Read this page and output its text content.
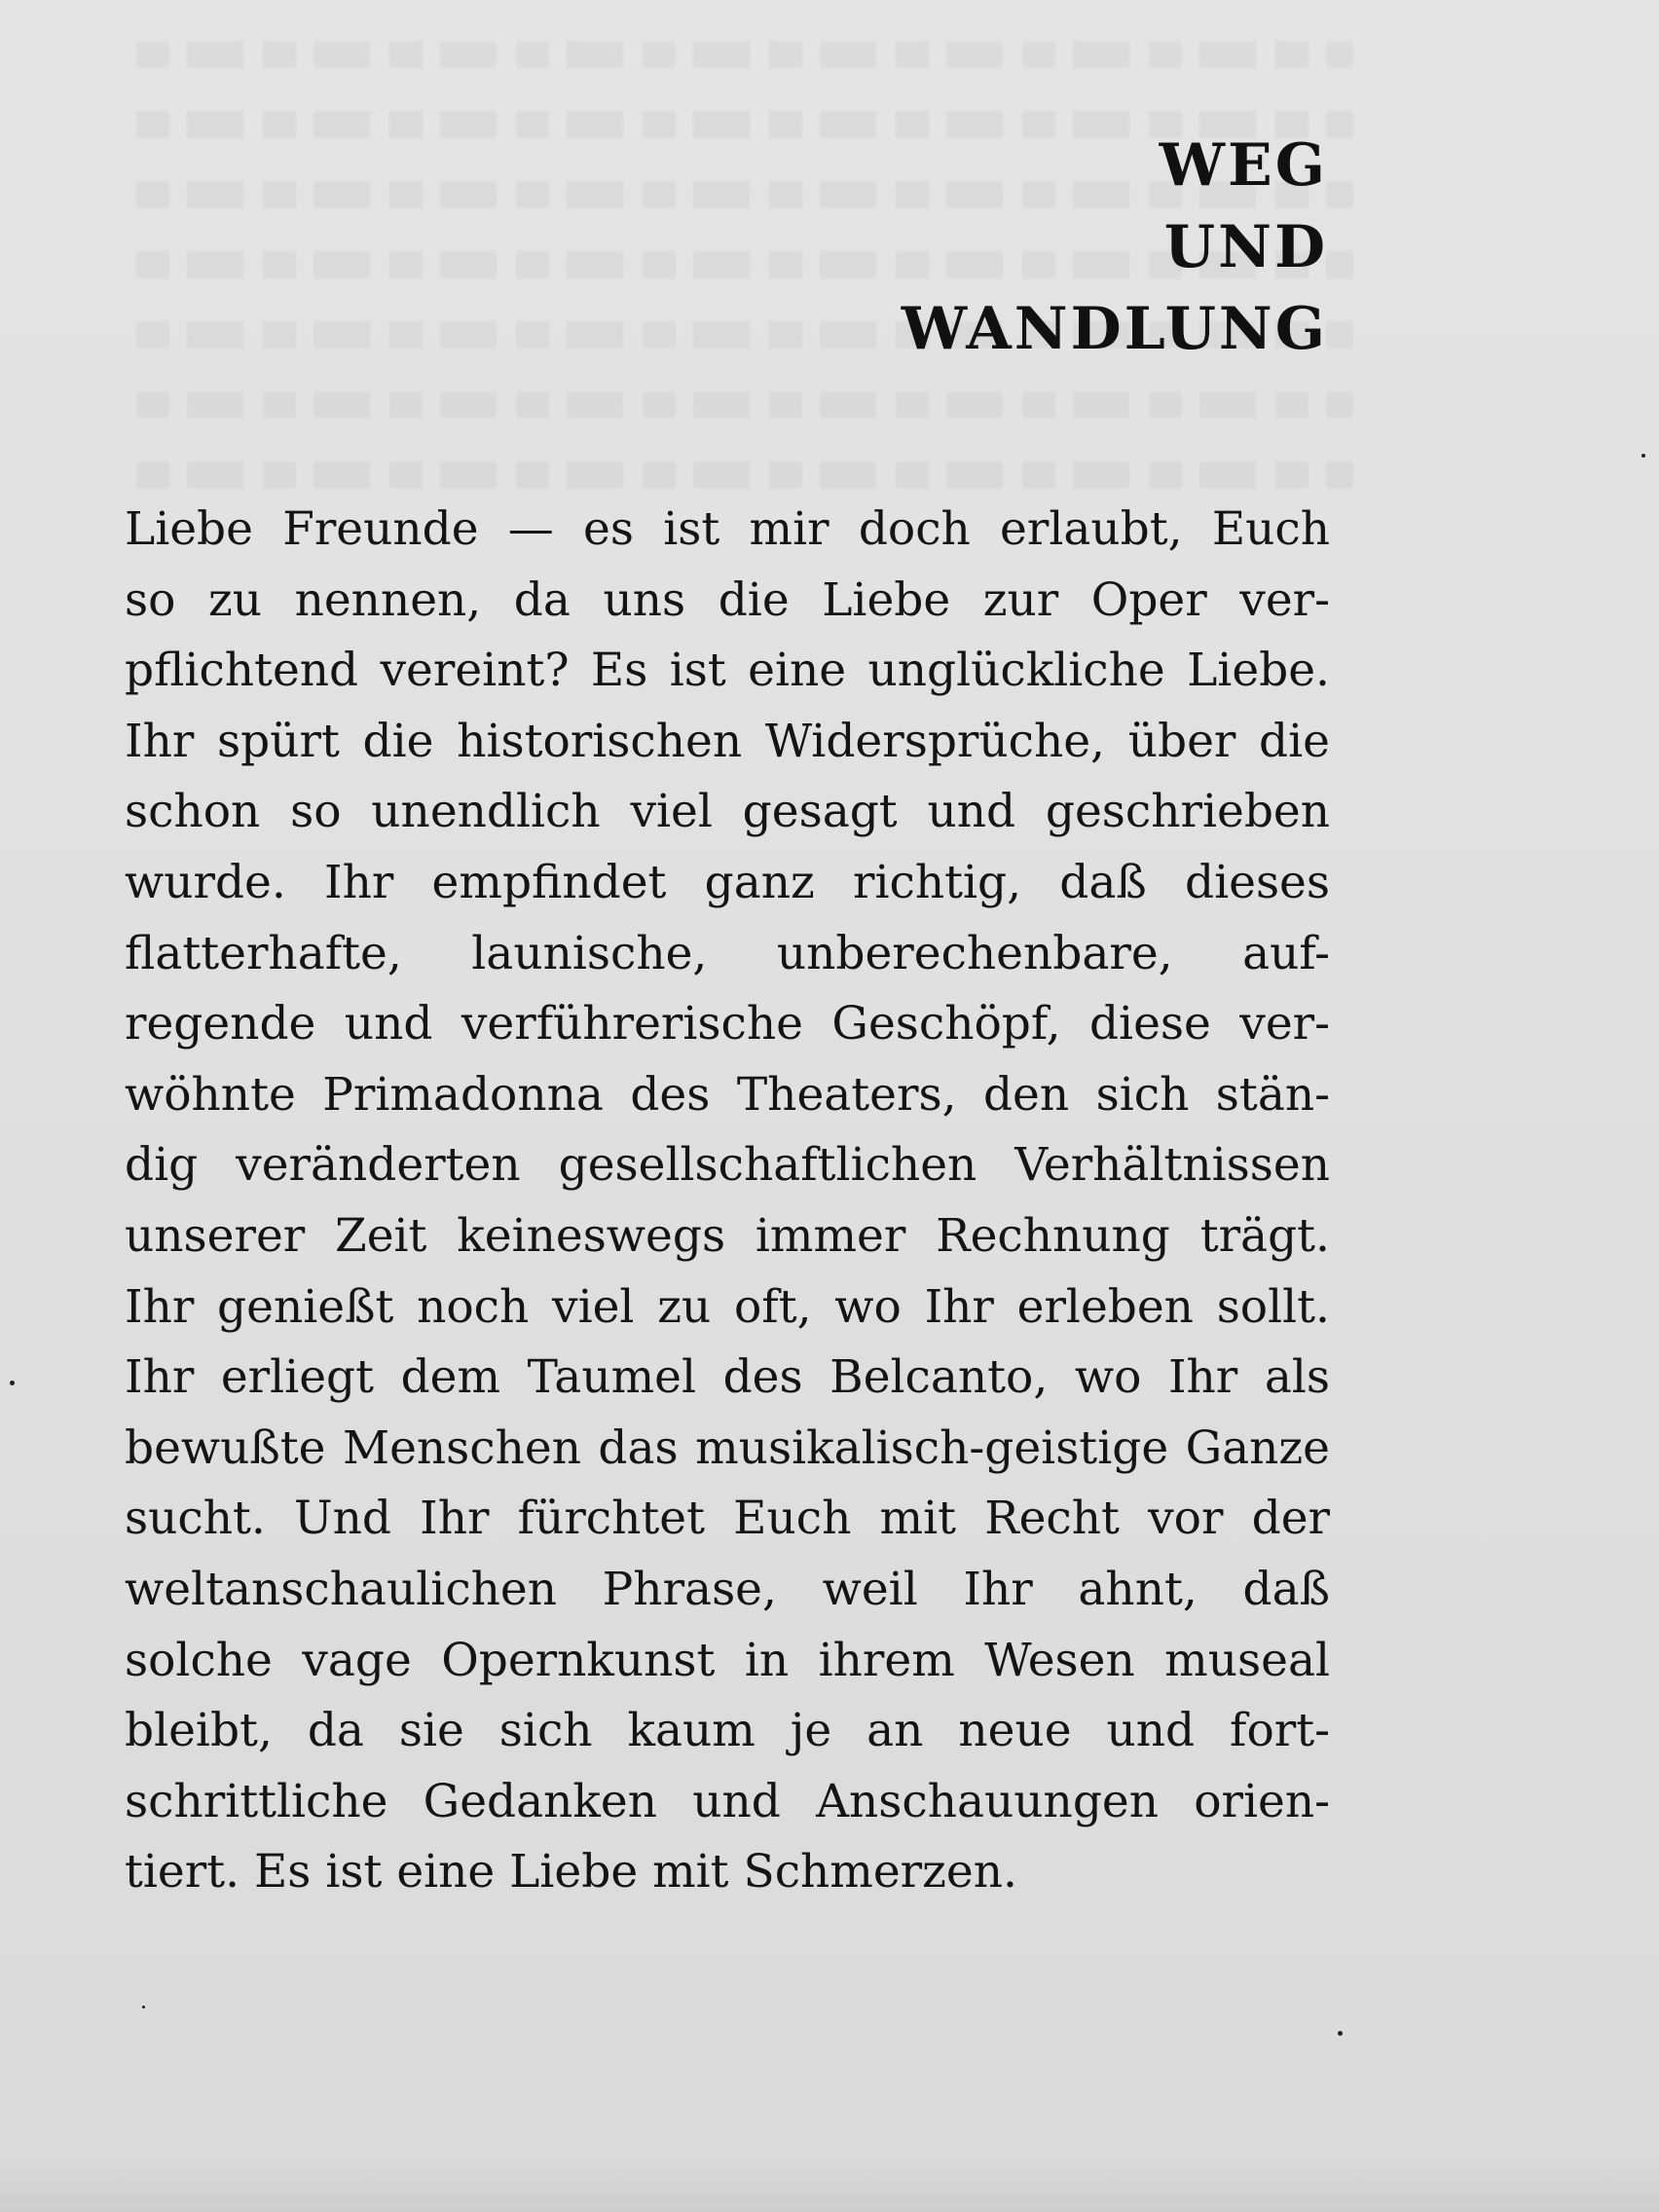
WEG
UND
WANDLUNG
Liebe Freunde — es ist mir doch erlaubt, Euch
so zu nennen, da uns die Liebe zur Oper ver-
pflichtend vereint? Es ist eine unglückliche Liebe.
Ihr spürt die historischen Widersprüche, über die
schon so unendlich viel gesagt und geschrieben
wurde. Ihr empfindet ganz richtig, daß dieses
flatterhafte, launische, unberechenbare, auf-
regende und verführerische Geschöpf, diese ver-
wöhnte Primadonna des Theaters, den sich stän-
dig veränderten gesellschaftlichen Verhältnissen
unserer Zeit keineswegs immer Rechnung trägt.
Ihr genießt noch viel zu oft, wo Ihr erleben sollt.
Ihr erliegt dem Taumel des Belcanto, wo Ihr als
bewußte Menschen das musikalisch-geistige Ganze
sucht. Und Ihr fürchtet Euch mit Recht vor der
weltanschaulichen Phrase, weil Ihr ahnt, daß
solche vage Opernkunst in ihrem Wesen museal
bleibt, da sie sich kaum je an neue und fort-
schrittliche Gedanken und Anschauungen orien-
tiert. Es ist eine Liebe mit Schmerzen.
